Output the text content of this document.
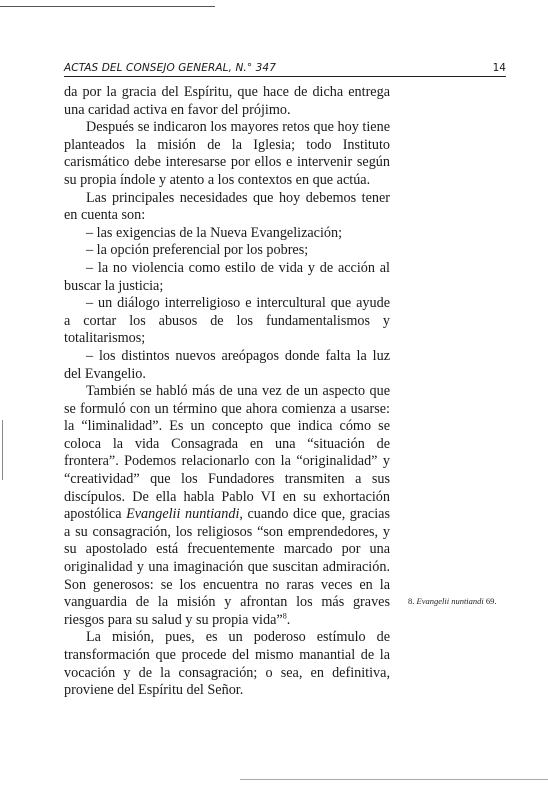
ACTAS DEL CONSEJO GENERAL, N.° 347	14

da por la gracia del Espíritu, que hace de dicha entrega una caridad activa en favor del prójimo.

Después se indicaron los mayores retos que hoy tiene planteados la misión de la Iglesia; todo Instituto carismático debe interesarse por ellos e intervenir según su propia índole y atento a los contextos en que actúa.

Las principales necesidades que hoy debemos tener en cuenta son:

– las exigencias de la Nueva Evangelización;

– la opción preferencial por los pobres;

– la no violencia como estilo de vida y de acción al buscar la justicia;

– un diálogo interreligioso e intercultural que ayude a cortar los abusos de los fundamentalismos y totalitarismos;

– los distintos nuevos areópagos donde falta la luz del Evangelio.

También se habló más de una vez de un aspecto que se formuló con un término que ahora comienza a usarse: la “liminalidad”. Es un concepto que indica cómo se coloca la vida Consagrada en una “situación de frontera”. Podemos relacionarlo con la “originalidad” y “creatividad” que los Fundadores transmiten a sus discípulos. De ella habla Pablo VI en su exhortación apostólica Evangelii nuntiandi, cuando dice que, gracias a su consagración, los religiosos “son emprendedores, y su apostolado está frecuentemente marcado por una originalidad y una imaginación que suscitan admiración. Son generosos: se los encuentra no raras veces en la vanguardia de la misión y afrontan los más graves riesgos para su salud y su propia vida”$^8$.

La misión, pues, es un poderoso estímulo de transformación que procede del mismo manantial de la vocación y de la consagración; o sea, en definitiva, proviene del Espíritu del Señor.

8. Evangelii nuntiandi 69.
